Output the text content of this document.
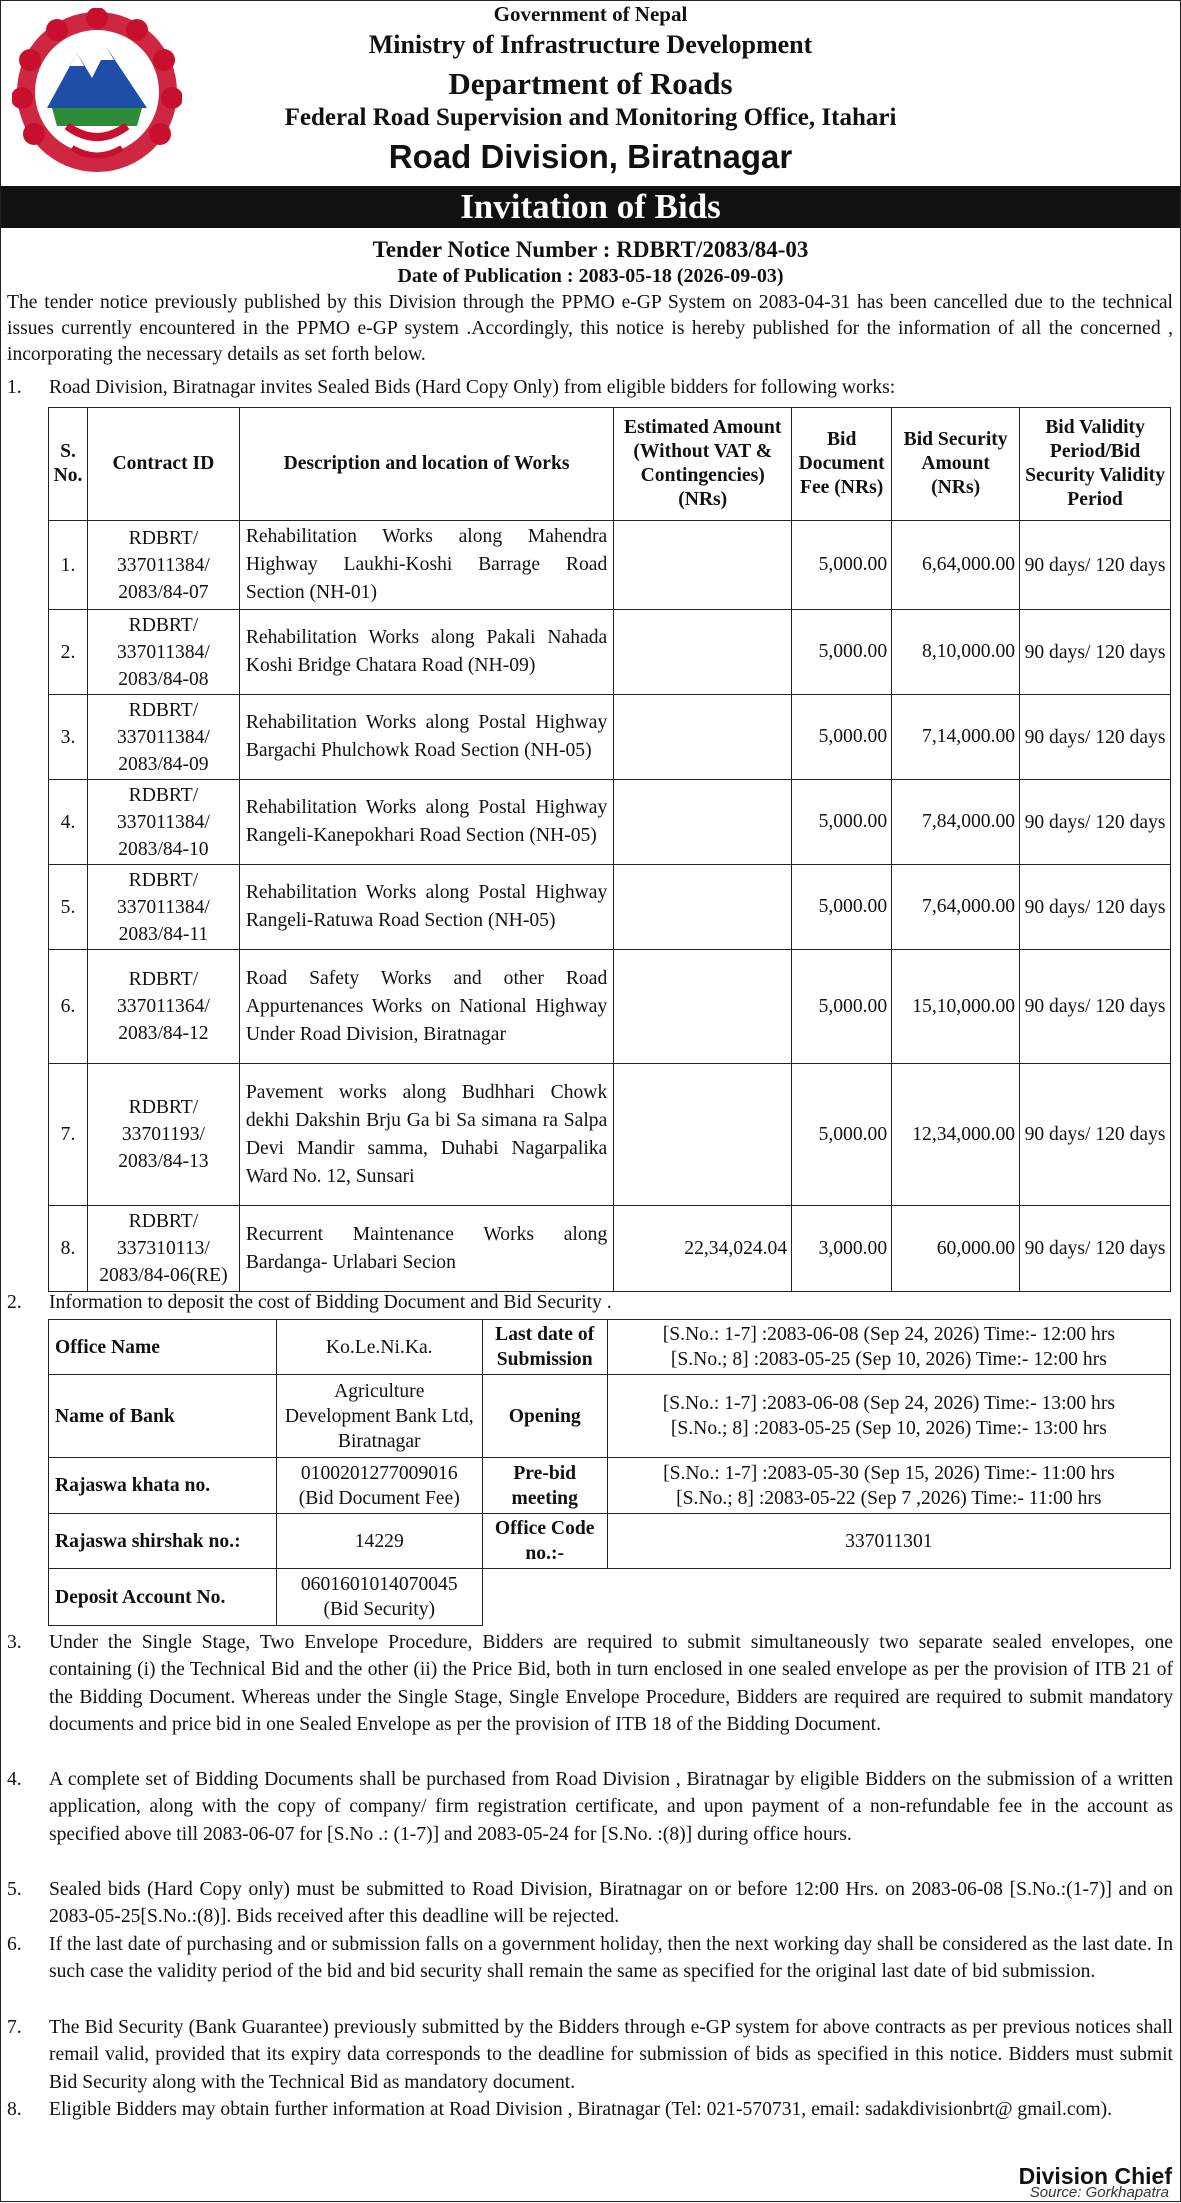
Government of Nepal
Ministry of Infrastructure Development
Department of Roads
Federal Road Supervision and Monitoring Office, Itahari
Road Division, Biratnagar
Invitation of Bids
Tender Notice Number : RDBRT/2083/84-03
Date of Publication : 2083-05-18 (2026-09-03)
The tender notice previously published by this Division through the PPMO e-GP System on 2083-04-31 has been cancelled due to the technical issues currently encountered in the PPMO e-GP system .Accordingly, this notice is hereby published for the information of all the concerned , incorporating the necessary details as set forth below.
1.	Road Division, Biratnagar invites Sealed Bids (Hard Copy Only) from eligible bidders for following works:
S. No.	Contract ID	Description and location of Works	Estimated Amount (Without VAT & Contingencies) (NRs)	Bid Document Fee (NRs)	Bid Security Amount (NRs)	Bid Validity Period/Bid Security Validity Period
1.	RDBRT/ 337011384/ 2083/84-07	Rehabilitation Works along Mahendra Highway Laukhi-Koshi Barrage Road Section (NH-01)		5,000.00	6,64,000.00	90 days/ 120 days
2.	RDBRT/ 337011384/ 2083/84-08	Rehabilitation Works along Pakali Nahada Koshi Bridge Chatara Road (NH-09)		5,000.00	8,10,000.00	90 days/ 120 days
3.	RDBRT/ 337011384/ 2083/84-09	Rehabilitation Works along Postal Highway Bargachi Phulchowk Road Section (NH-05)		5,000.00	7,14,000.00	90 days/ 120 days
4.	RDBRT/ 337011384/ 2083/84-10	Rehabilitation Works along Postal Highway Rangeli-Kanepokhari Road Section (NH-05)		5,000.00	7,84,000.00	90 days/ 120 days
5.	RDBRT/ 337011384/ 2083/84-11	Rehabilitation Works along Postal Highway Rangeli-Ratuwa Road Section (NH-05)		5,000.00	7,64,000.00	90 days/ 120 days
6.	RDBRT/ 337011364/ 2083/84-12	Road Safety Works and other Road Appurtenances Works on National Highway Under Road Division, Biratnagar		5,000.00	15,10,000.00	90 days/ 120 days
7.	RDBRT/ 33701193/ 2083/84-13	Pavement works along Budhhari Chowk dekhi Dakshin Brju Ga bi Sa simana ra Salpa Devi Mandir samma, Duhabi Nagarpalika Ward No. 12, Sunsari		5,000.00	12,34,000.00	90 days/ 120 days
8.	RDBRT/ 337310113/ 2083/84-06(RE)	Recurrent Maintenance Works along Bardanga- Urlabari Secion	22,34,024.04	3,000.00	60,000.00	90 days/ 120 days
2.	Information to deposit the cost of Bidding Document and Bid Security .
Office Name	Ko.Le.Ni.Ka.	Last date of Submission	[S.No.: 1-7] :2083-06-08 (Sep 24, 2026) Time:- 12:00 hrs
[S.No.; 8] :2083-05-25 (Sep 10, 2026) Time:- 12:00 hrs

Name of Bank	Agriculture Development Bank Ltd, Biratnagar	Opening	[S.No.: 1-7] :2083-06-08 (Sep 24, 2026) Time:- 13:00 hrs
[S.No.; 8] :2083-05-25 (Sep 10, 2026) Time:- 13:00 hrs

Rajaswa khata no.	0100201277009016 (Bid Document Fee)	Pre-bid meeting	[S.No.: 1-7] :2083-05-30 (Sep 15, 2026) Time:- 11:00 hrs
[S.No.; 8] :2083-05-22 (Sep 7 ,2026) Time:- 11:00 hrs

Rajaswa shirshak no.:	14229	Office Code no.:-	337011301
Deposit Account No.	0601601014070045 (Bid Security)		
3.	Under the Single Stage, Two Envelope Procedure, Bidders are required to submit simultaneously two separate sealed envelopes, one containing (i) the Technical Bid and the other (ii) the Price Bid, both in turn enclosed in one sealed envelope as per the provision of ITB 21 of the Bidding Document. Whereas under the Single Stage, Single Envelope Procedure, Bidders are required are required to submit mandatory documents and price bid in one Sealed Envelope as per the provision of ITB 18 of the Bidding Document.
4.	A complete set of Bidding Documents shall be purchased from Road Division , Biratnagar by eligible Bidders on the submission of a written application, along with the copy of company/ firm registration certificate, and upon payment of a non-refundable fee in the account as specified above till 2083-06-07 for [S.No .: (1-7)] and 2083-05-24 for [S.No. :(8)] during office hours.
5.	Sealed bids (Hard Copy only) must be submitted to Road Division, Biratnagar on or before 12:00 Hrs. on 2083-06-08 [S.No.:(1-7)] and on 2083-05-25[S.No.:(8)]. Bids received after this deadline will be rejected.
6.	If the last date of purchasing and or submission falls on a government holiday, then the next working day shall be considered as the last date. In such case the validity period of the bid and bid security shall remain the same as specified for the original last date of bid submission.
7.	The Bid Security (Bank Guarantee) previously submitted by the Bidders through e-GP system for above contracts as per previous notices shall remail valid, provided that its expiry data corresponds to the deadline for submission of bids as specified in this notice. Bidders must submit Bid Security along with the Technical Bid as mandatory document.
8.	Eligible Bidders may obtain further information at Road Division , Biratnagar (Tel: 021-570731, email: sadakdivisionbrt@ gmail.com).
Division Chief
Source: Gorkhapatra
